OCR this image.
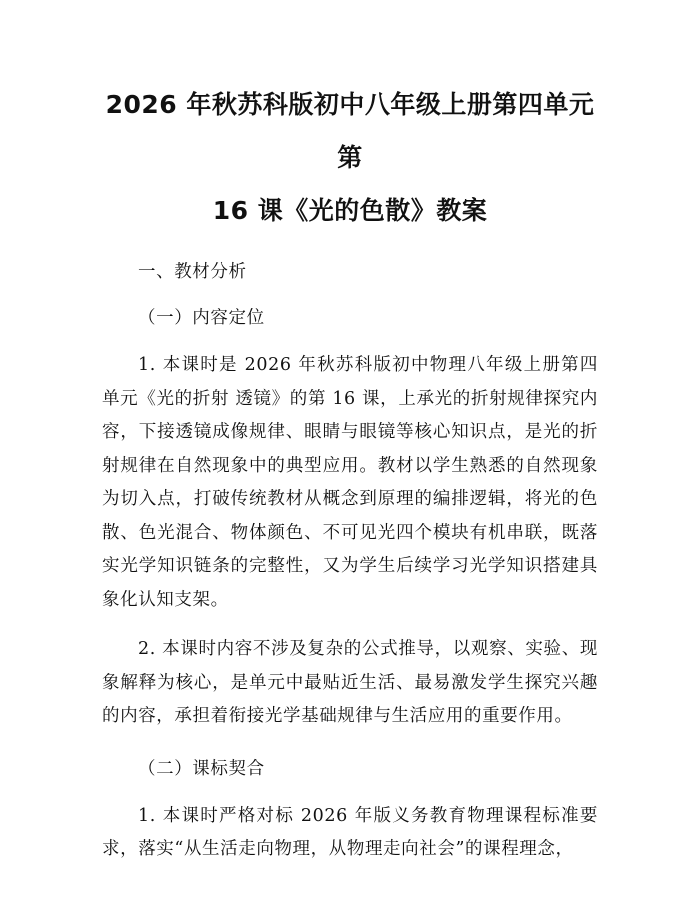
2026 年秋苏科版初中八年级上册第四单元第
16 课《光的色散》教案

一、教材分析

（一）内容定位

1. 本课时是 2026 年秋苏科版初中物理八年级上册第四单元《光的折射 透镜》的第 16 课，上承光的折射规律探究内容，下接透镜成像规律、眼睛与眼镜等核心知识点，是光的折射规律在自然现象中的典型应用。教材以学生熟悉的自然现象为切入点，打破传统教材从概念到原理的编排逻辑，将光的色散、色光混合、物体颜色、不可见光四个模块有机串联，既落实光学知识链条的完整性，又为学生后续学习光学知识搭建具象化认知支架。

2. 本课时内容不涉及复杂的公式推导，以观察、实验、现象解释为核心，是单元中最贴近生活、最易激发学生探究兴趣的内容，承担着衔接光学基础规律与生活应用的重要作用。

（二）课标契合

1. 本课时严格对标 2026 年版义务教育物理课程标准要求，落实“从生活走向物理，从物理走向社会”的课程理念，
